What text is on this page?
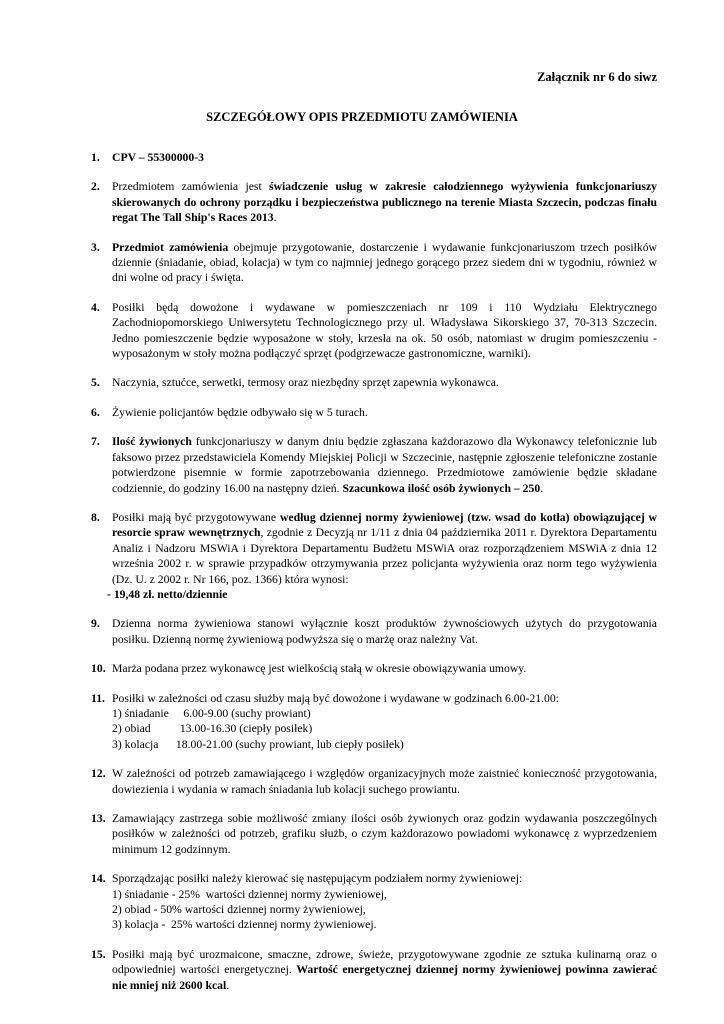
Załącznik nr 6 do siwz
SZCZEGÓŁOWY OPIS PRZEDMIOTU ZAMÓWIENIA
1. CPV – 55300000-3
2. Przedmiotem zamówienia jest świadczenie usług w zakresie całodziennego wyżywienia funkcjonariuszy skierowanych do ochrony porządku i bezpieczeństwa publicznego na terenie Miasta Szczecin, podczas finału regat The Tall Ship's Races 2013.
3. Przedmiot zamówienia obejmuje przygotowanie, dostarczenie i wydawanie funkcjonariuszom trzech posiłków dziennie (śniadanie, obiad, kolacja) w tym co najmniej jednego gorącego przez siedem dni w tygodniu, również w dni wolne od pracy i święta.
4. Posiłki będą dowożone i wydawane w pomieszczeniach nr 109 i 110 Wydziału Elektrycznego Zachodniopomorskiego Uniwersytetu Technologicznego przy ul. Władysława Sikorskiego 37, 70-313 Szczecin. Jedno pomieszczenie będzie wyposażone w stoły, krzesła na ok. 50 osób, natomiast w drugim pomieszczeniu - wyposażonym w stoły można podłączyć sprzęt (podgrzewacze gastronomiczne, warniki).
5. Naczynia, sztućce, serwetki, termosy oraz niezbędny sprzęt zapewnia wykonawca.
6. Żywienie policjantów będzie odbywało się w 5 turach.
7. Ilość żywionych funkcjonariuszy w danym dniu będzie zgłaszana każdorazowo dla Wykonawcy telefonicznie lub faksowo przez przedstawiciela Komendy Miejskiej Policji w Szczecinie, następnie zgłoszenie telefoniczne zostanie potwierdzone pisemnie w formie zapotrzebowania dziennego. Przedmiotowe zamówienie będzie składane codziennie, do godziny 16.00 na następny dzień. Szacunkowa ilość osób żywionych – 250.
8. Posiłki mają być przygotowywane według dziennej normy żywieniowej (tzw. wsad do kotła) obowiązującej w resorcie spraw wewnętrznych, zgodnie z Decyzją nr 1/11 z dnia 04 października 2011 r. Dyrektora Departamentu Analiz i Nadzoru MSWiA i Dyrektora Departamentu Budżetu MSWiA oraz rozporządzeniem MSWiA z dnia 12 września 2002 r. w sprawie przypadków otrzymywania przez policjanta wyżywienia oraz norm tego wyżywienia (Dz. U. z 2002 r. Nr 166, poz. 1366) która wynosi:
- 19,48 zł. netto/dziennie
9. Dzienna norma żywieniowa stanowi wyłącznie koszt produktów żywnościowych użytych do przygotowania posiłku. Dzienną normę żywieniową podwyższa się o marżę oraz należny Vat.
10. Marża podana przez wykonawcę jest wielkością stałą w okresie obowiązywania umowy.
11. Posiłki w zależności od czasu służby mają być dowożone i wydawane w godzinach 6.00-21.00:
1) śniadanie     6.00-9.00 (suchy prowiant)
2) obiad          13.00-16.30 (ciepły posiłek)
3) kolacja      18.00-21.00 (suchy prowiant, lub ciepły posiłek)
12. W zależności od potrzeb zamawiającego i względów organizacyjnych może zaistnieć konieczność przygotowania, dowiezienia i wydania w ramach śniadania lub kolacji suchego prowiantu.
13. Zamawiający zastrzega sobie możliwość zmiany ilości osób żywionych oraz godzin wydawania poszczególnych posiłków w zależności od potrzeb, grafiku służb, o czym każdorazowo powiadomi wykonawcę z wyprzedzeniem minimum 12 godzinnym.
14. Sporządzając posiłki należy kierować się następującym podziałem normy żywieniowej:
1) śniadanie - 25%  wartości dziennej normy żywieniowej,
2) obiad - 50% wartości dziennej normy żywieniowej,
3) kolacja -  25% wartości dziennej normy żywieniowej.
15. Posiłki mają być urozmaicone, smaczne, zdrowe, świeże, przygotowywane zgodnie ze sztuka kulinarną oraz o odpowiedniej wartości energetycznej. Wartość energetycznej dziennej normy żywieniowej powinna zawierać nie mniej niż 2600 kcal.
